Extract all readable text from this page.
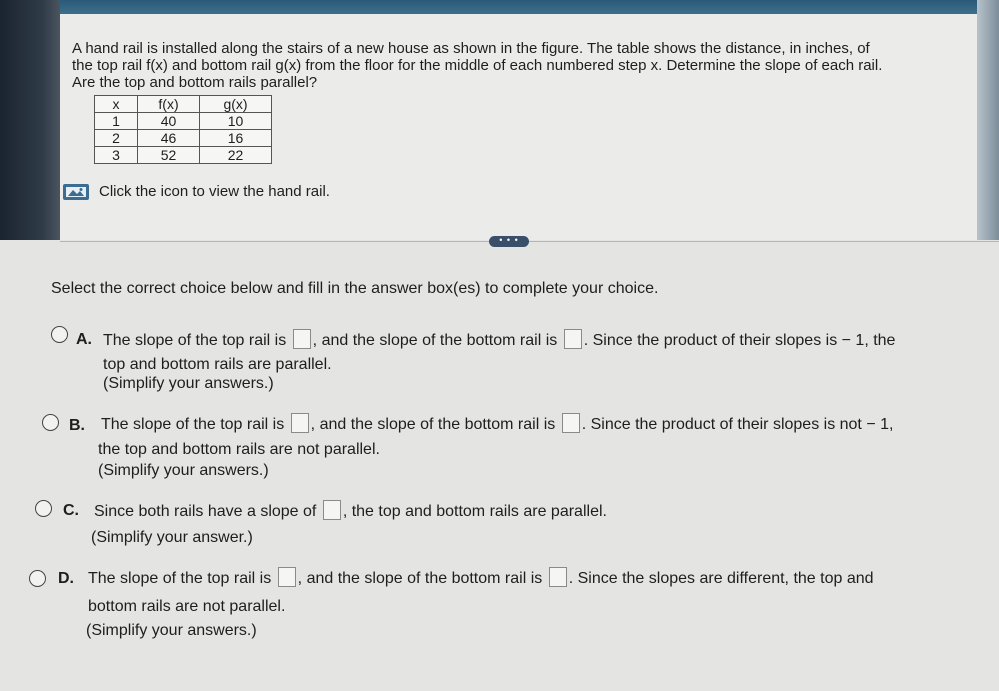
A hand rail is installed along the stairs of a new house as shown in the figure. The table shows the distance, in inches, of
the top rail f(x) and bottom rail g(x) from the floor for the middle of each numbered step x. Determine the slope of each rail.
Are the top and bottom rails parallel?
x	f(x)	g(x)
1	40	10
2	46	16
3	52	22
Click the icon to view the hand rail.
• • •
Select the correct choice below and fill in the answer box(es) to complete your choice.
A. The slope of the top rail is , and the slope of the bottom rail is . Since the product of their slopes is − 1, the
top and bottom rails are parallel.
(Simplify your answers.)
B. The slope of the top rail is , and the slope of the bottom rail is . Since the product of their slopes is not − 1,
the top and bottom rails are not parallel.
(Simplify your answers.)
C. Since both rails have a slope of , the top and bottom rails are parallel.
(Simplify your answer.)
D. The slope of the top rail is , and the slope of the bottom rail is . Since the slopes are different, the top and
bottom rails are not parallel.
(Simplify your answers.)
